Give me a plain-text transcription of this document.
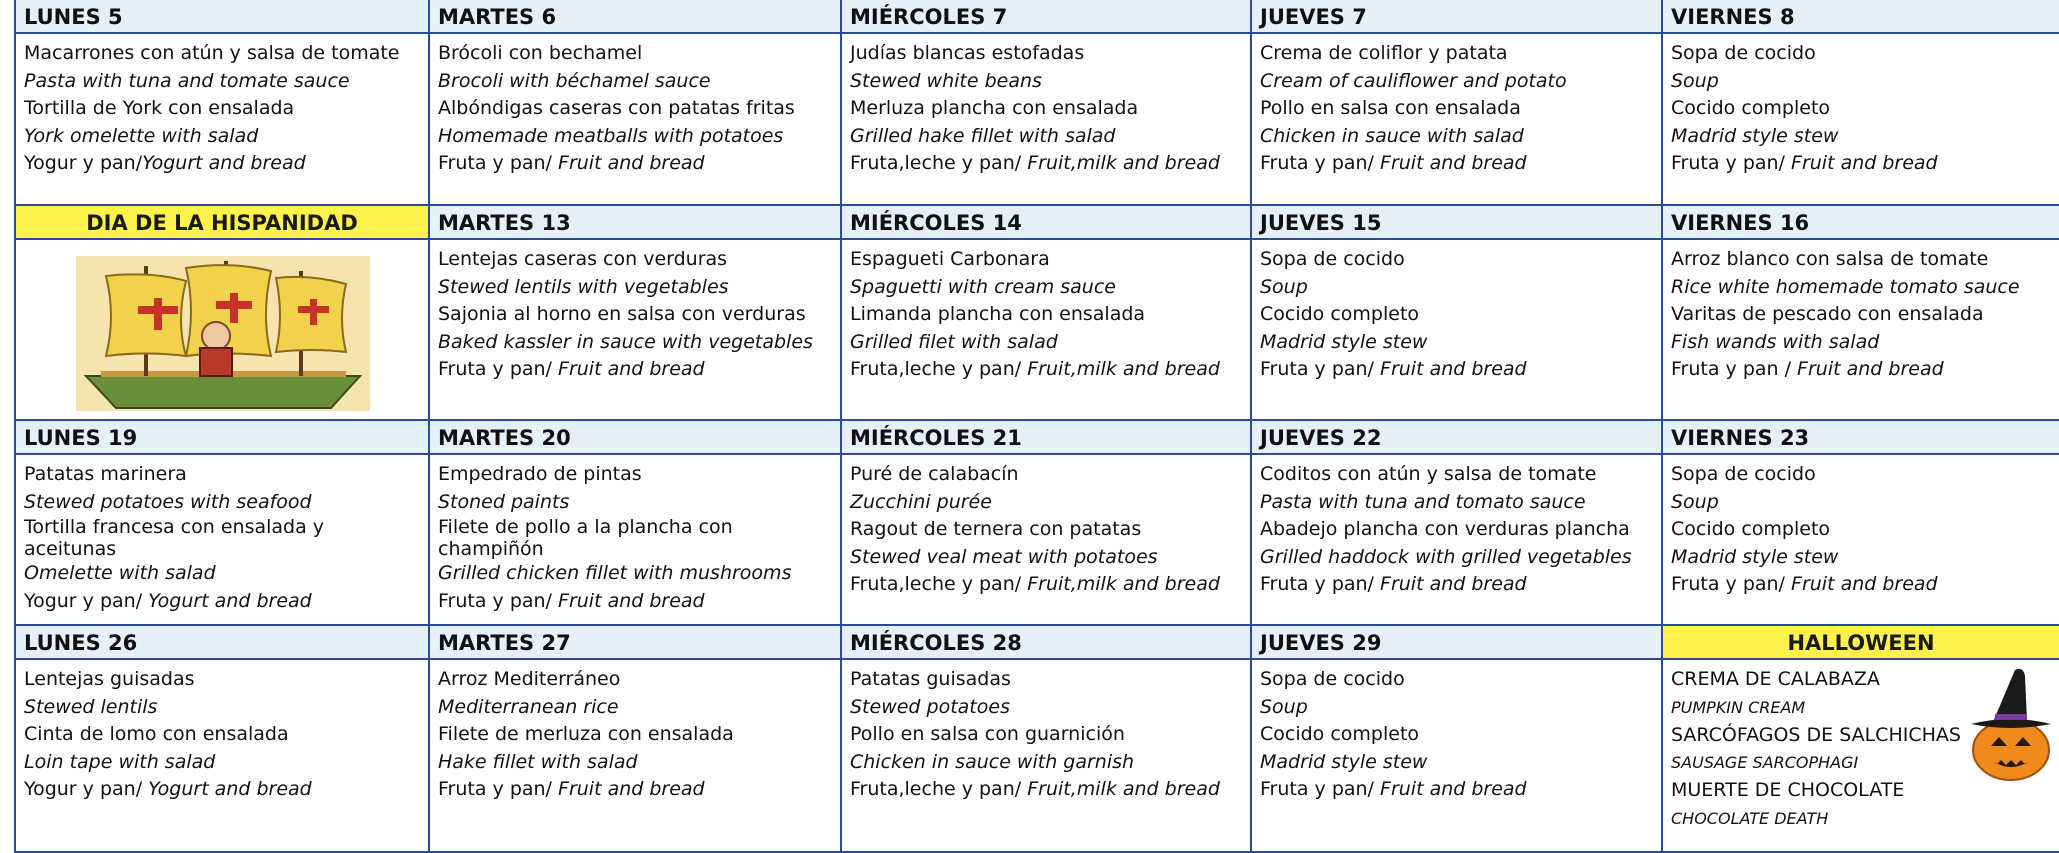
LUNES 5
Macarrones con atún y salsa de tomate
Pasta with tuna and tomate sauce
Tortilla de York con ensalada
York omelette with salad
Yogur y pan/Yogurt and bread
MARTES 6
Brócoli con bechamel
Brocoli with béchamel sauce
Albóndigas caseras con patatas fritas
Homemade meatballs with potatoes
Fruta y pan/ Fruit and bread
MIÉRCOLES 7
Judías blancas estofadas
Stewed white beans
Merluza plancha con ensalada
Grilled hake fillet with salad
Fruta,leche y pan/ Fruit,milk and bread
JUEVES 7
Crema de coliflor y patata
Cream of cauliflower and potato
Pollo en salsa con ensalada
Chicken in sauce with salad
Fruta y pan/ Fruit and bread
VIERNES 8
Sopa de cocido
Soup
Cocido completo
Madrid style stew
Fruta y pan/ Fruit and bread
DIA DE LA HISPANIDAD	MARTES 13
Lentejas caseras con verduras
Stewed lentils with vegetables
Sajonia al horno en salsa con verduras
Baked kassler in sauce with vegetables
Fruta y pan/ Fruit and bread
MIÉRCOLES 14
Espagueti Carbonara
Spaguetti with cream sauce
Limanda plancha con ensalada
Grilled filet with salad
Fruta,leche y pan/ Fruit,milk and bread
JUEVES 15
Sopa de cocido
Soup
Cocido completo
Madrid style stew
Fruta y pan/ Fruit and bread
VIERNES 16
Arroz blanco con salsa de tomate
Rice white homemade tomato sauce
Varitas de pescado con ensalada
Fish wands with salad
Fruta y pan / Fruit and bread
LUNES 19
Patatas marinera
Stewed potatoes with seafood
Tortilla francesa con ensalada y aceitunas
Omelette with salad
Yogur y pan/ Yogurt and bread
MARTES 20
Empedrado de pintas
Stoned paints
Filete de pollo a la plancha con champiñón
Grilled chicken fillet with mushrooms
Fruta y pan/ Fruit and bread
MIÉRCOLES 21
Puré de calabacín
Zucchini purée
Ragout de ternera con patatas
Stewed veal meat with potatoes
Fruta,leche y pan/ Fruit,milk and bread
JUEVES 22
Coditos con atún y salsa de tomate
Pasta with tuna and tomato sauce
Abadejo plancha con verduras plancha
Grilled haddock with grilled vegetables
Fruta y pan/ Fruit and bread
VIERNES 23
Sopa de cocido
Soup
Cocido completo
Madrid style stew
Fruta y pan/ Fruit and bread
LUNES 26
Lentejas guisadas
Stewed lentils
Cinta de lomo con ensalada
Loin tape with salad
Yogur y pan/ Yogurt and bread
MARTES 27
Arroz Mediterráneo
Mediterranean rice
Filete de merluza con ensalada
Hake fillet with salad
Fruta y pan/ Fruit and bread
MIÉRCOLES 28
Patatas guisadas
Stewed potatoes
Pollo en salsa con guarnición
Chicken in sauce with garnish
Fruta,leche y pan/ Fruit,milk and bread
JUEVES 29
Sopa de cocido
Soup
Cocido completo
Madrid style stew
Fruta y pan/ Fruit and bread
HALLOWEEN
CREMA DE CALABAZA
PUMPKIN CREAM
SARCÓFAGOS DE SALCHICHAS
SAUSAGE SARCOPHAGI
MUERTE DE CHOCOLATE
CHOCOLATE DEATH
